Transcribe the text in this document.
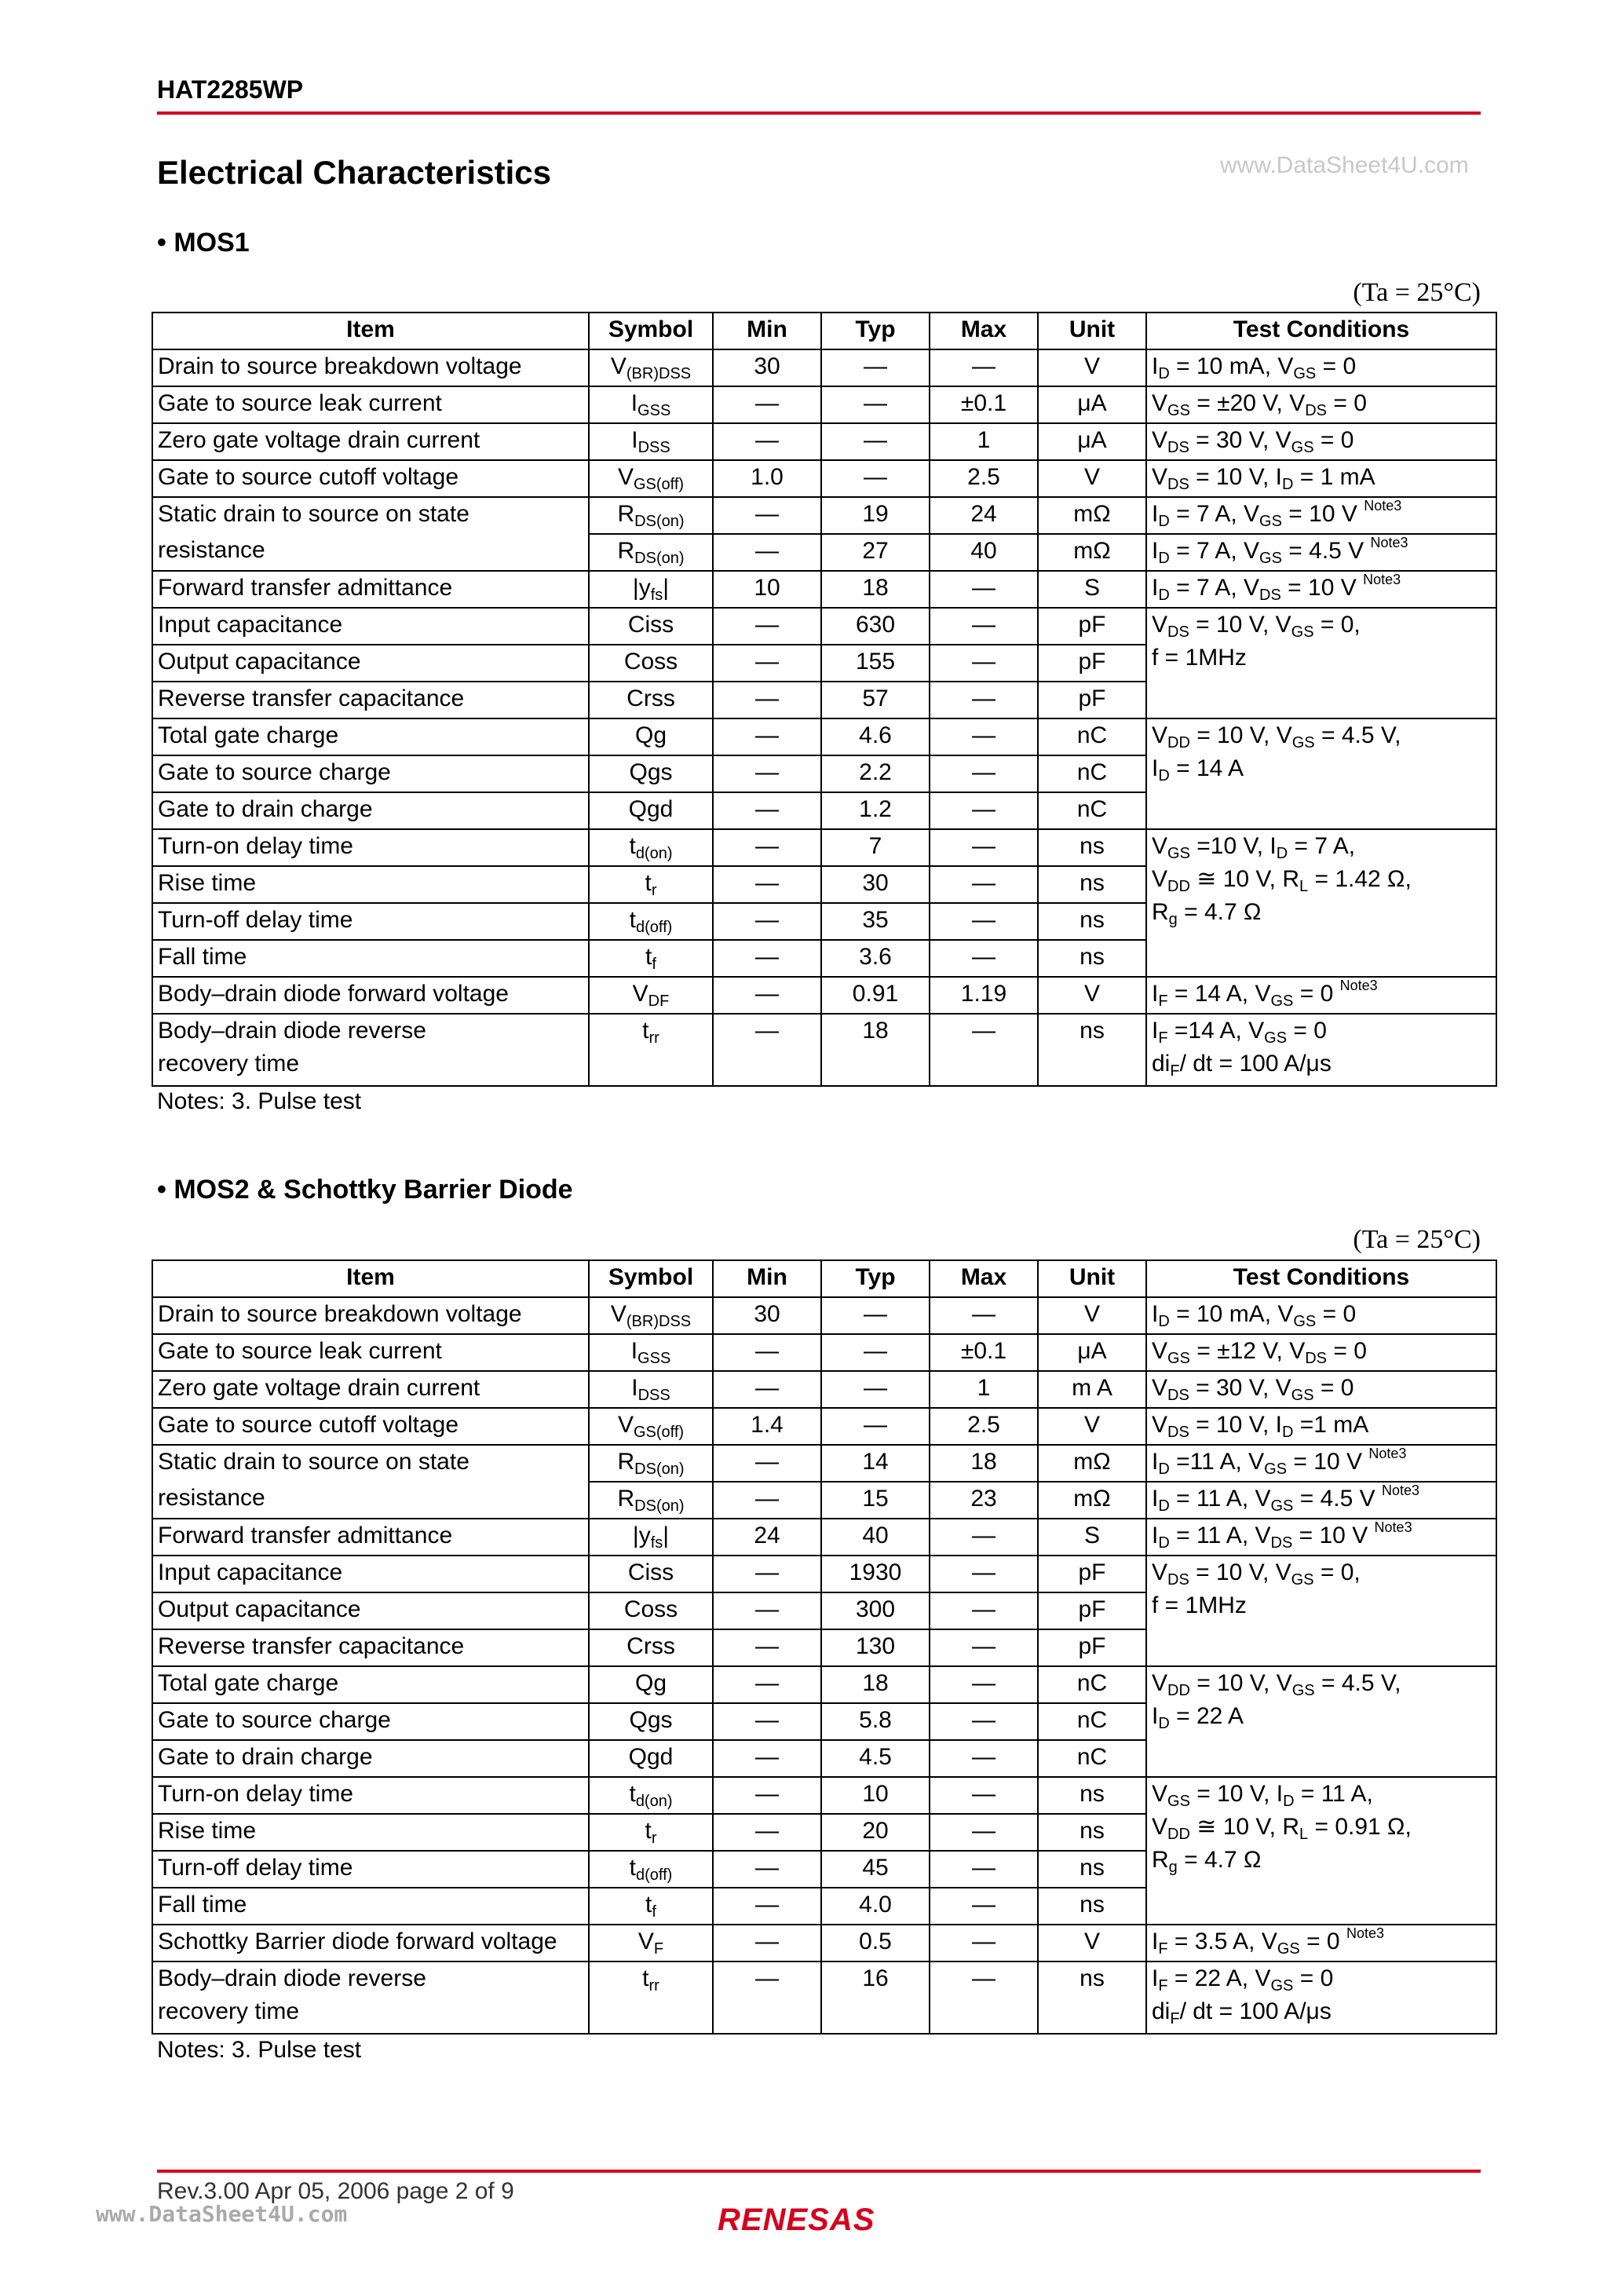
HAT2285WP
Electrical Characteristics	www.DataSheet4U.com
• MOS1
(Ta = 25°C)
Item	Symbol	Min	Typ	Max	Unit	Test Conditions
Drain to source breakdown voltage	$V_{(BR)DSS}$	30	—	—	V	$I_D = 10$ mA, $V_{GS} = 0$
Gate to source leak current	$I_{GSS}$	—	—	±0.1	μA	$V_{GS} = \pm 20$ V, $V_{DS} = 0$
Zero gate voltage drain current	$I_{DSS}$	—	—	1	μA	$V_{DS} = 30$ V, $V_{GS} = 0$
Gate to source cutoff voltage	$V_{GS(off)}$	1.0	—	2.5	V	$V_{DS} = 10$ V, $I_D = 1$ mA
Static drain to source on state	$R_{DS(on)}$	—	19	24	mΩ	$I_D = 7$ A, $V_{GS} = 10$ V $^{Note3}$
resistance	$R_{DS(on)}$	—	27	40	mΩ	$I_D = 7$ A, $V_{GS} = 4.5$ V $^{Note3}$
Forward transfer admittance	$|y_{fs}|$	10	18	—	S	$I_D = 7$ A, $V_{DS} = 10$ V $^{Note3}$
Input capacitance	Ciss	—	630	—	pF	$V_{DS} = 10$ V, $V_{GS} = 0$,
f = 1MHz
Output capacitance	Coss	—	155	—	pF	
Reverse transfer capacitance	Crss	—	57	—	pF	
Total gate charge	Qg	—	4.6	—	nC	$V_{DD} = 10$ V, $V_{GS} = 4.5$ V,
$I_D = 14$ A
Gate to source charge	Qgs	—	2.2	—	nC	
Gate to drain charge	Qgd	—	1.2	—	nC	
Turn-on delay time	$t_{d(on)}$	—	7	—	ns	$V_{GS} =10$ V, $I_D = 7$ A,
$V_{DD}$ ≅ 10 V, $R_L = 1.42$ Ω,
$R_g = 4.7$ Ω
Rise time	$t_r$	—	30	—	ns	
Turn-off delay time	$t_{d(off)}$	—	35	—	ns	
Fall time	$t_f$	—	3.6	—	ns	
Body–drain diode forward voltage	$V_{DF}$	—	0.91	1.19	V	$I_F = 14$ A, $V_{GS} = 0$ $^{Note3}$
Body–drain diode reverse
recovery time	$t_{rr}$	—	18	—	ns	$I_F =14$ A, $V_{GS} = 0$
$di_F/$ dt = 100 A/μs
Notes: 3. Pulse test
• MOS2 & Schottky Barrier Diode
(Ta = 25°C)
Item	Symbol	Min	Typ	Max	Unit	Test Conditions
Drain to source breakdown voltage	$V_{(BR)DSS}$	30	—	—	V	$I_D = 10$ mA, $V_{GS} = 0$
Gate to source leak current	$I_{GSS}$	—	—	±0.1	μA	$V_{GS} = \pm 12$ V, $V_{DS} = 0$
Zero gate voltage drain current	$I_{DSS}$	—	—	1	m A	$V_{DS} = 30$ V, $V_{GS} = 0$
Gate to source cutoff voltage	$V_{GS(off)}$	1.4	—	2.5	V	$V_{DS} = 10$ V, $I_D =1$ mA
Static drain to source on state	$R_{DS(on)}$	—	14	18	mΩ	$I_D =11$ A, $V_{GS} = 10$ V $^{Note3}$
resistance	$R_{DS(on)}$	—	15	23	mΩ	$I_D = 11$ A, $V_{GS} = 4.5$ V $^{Note3}$
Forward transfer admittance	$|y_{fs}|$	24	40	—	S	$I_D = 11$ A, $V_{DS} = 10$ V $^{Note3}$
Input capacitance	Ciss	—	1930	—	pF	$V_{DS} = 10$ V, $V_{GS} = 0$,
f = 1MHz
Output capacitance	Coss	—	300	—	pF	
Reverse transfer capacitance	Crss	—	130	—	pF	
Total gate charge	Qg	—	18	—	nC	$V_{DD} = 10$ V, $V_{GS} = 4.5$ V,
$I_D = 22$ A
Gate to source charge	Qgs	—	5.8	—	nC	
Gate to drain charge	Qgd	—	4.5	—	nC	
Turn-on delay time	$t_{d(on)}$	—	10	—	ns	$V_{GS} = 10$ V, $I_D = 11$ A,
$V_{DD}$ ≅ 10 V, $R_L = 0.91$ Ω,
$R_g = 4.7$ Ω
Rise time	$t_r$	—	20	—	ns	
Turn-off delay time	$t_{d(off)}$	—	45	—	ns	
Fall time	$t_f$	—	4.0	—	ns	
Schottky Barrier diode forward voltage	$V_F$	—	0.5	—	V	$I_F = 3.5$ A, $V_{GS} = 0$ $^{Note3}$
Body–drain diode reverse
recovery time	$t_{rr}$	—	16	—	ns	$I_F = 22$ A, $V_{GS} = 0$
$di_F/$ dt = 100 A/μs
Notes: 3. Pulse test
Rev.3.00 Apr 05, 2006 page 2 of 9
www.DataSheet4U.com	RENESAS
